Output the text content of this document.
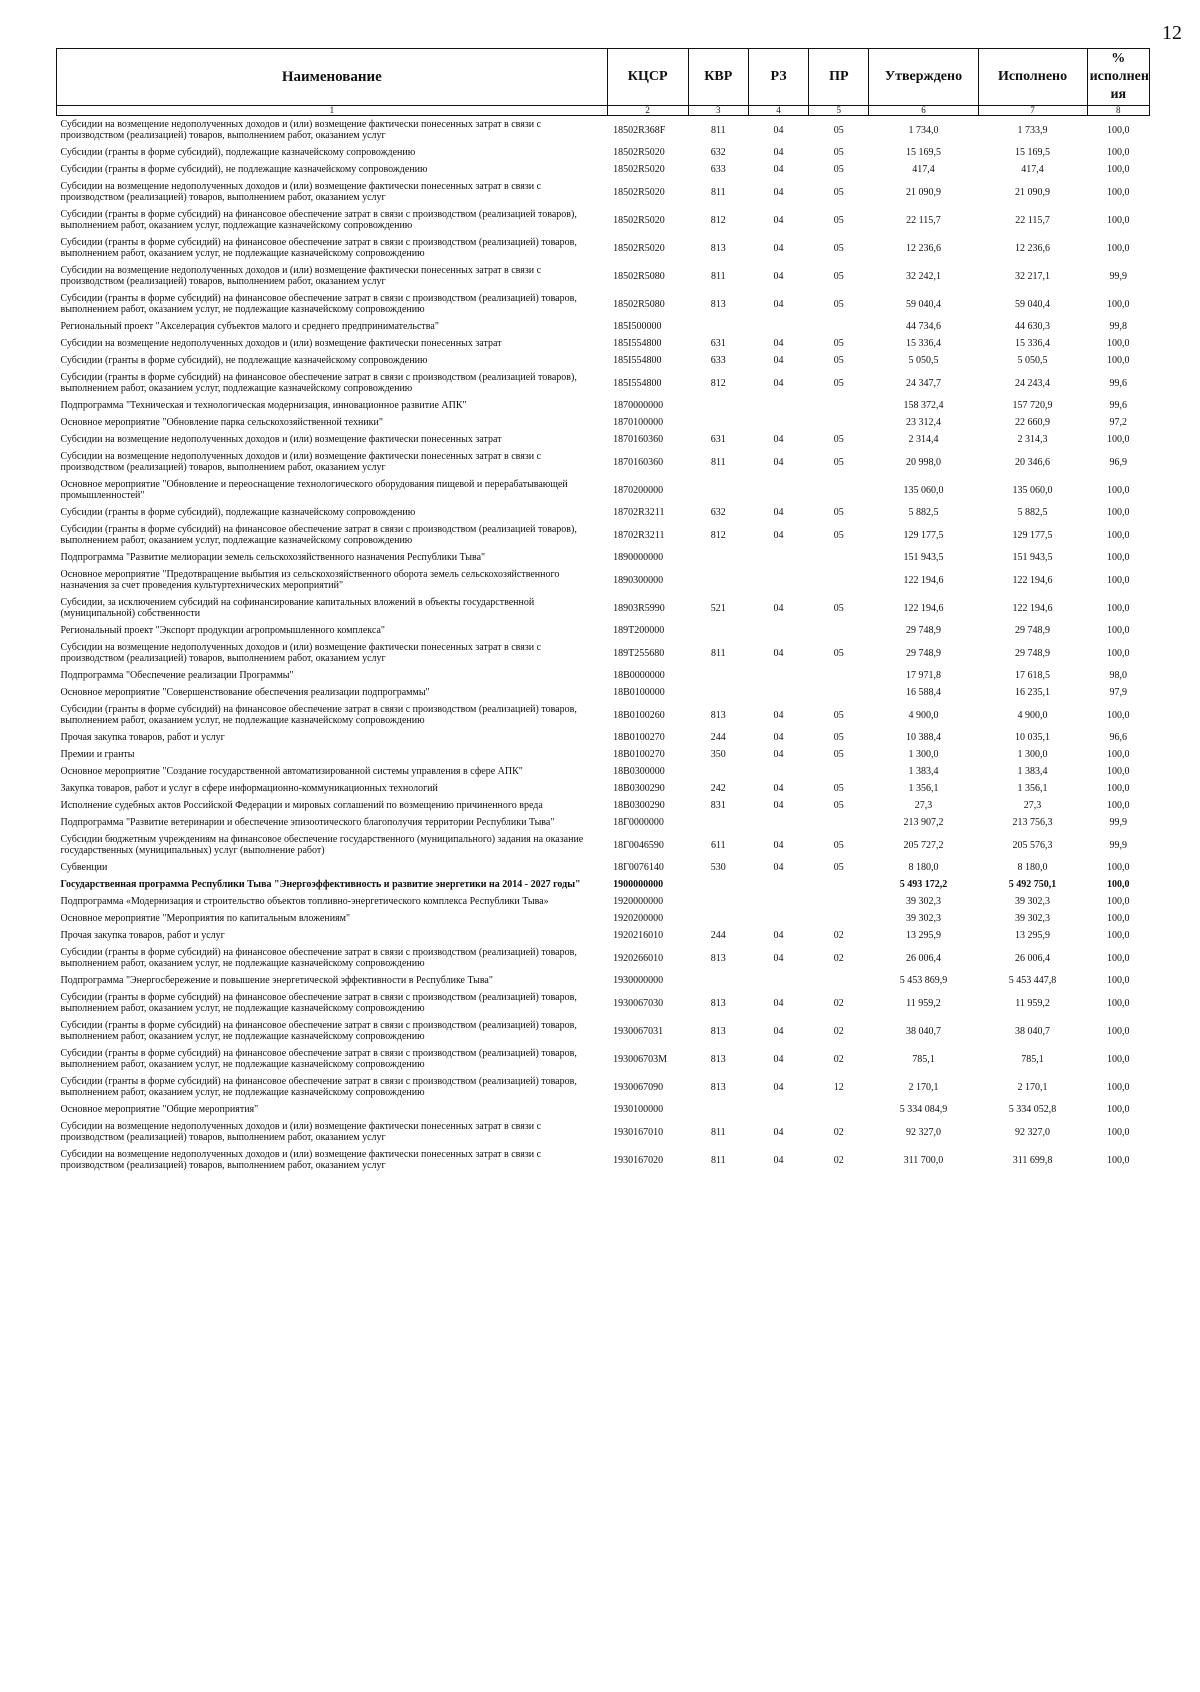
12
Наименование	КЦСР	КВР	РЗ	ПР	Утверждено	Исполнено	% исполнен ия
1	2	3	4	5	6	7	8
Субсидии на возмещение недополученных доходов и (или) возмещение фактически понесенных затрат в связи с производством (реализацией) товаров, выполнением работ, оказанием услуг	18502R368F	811	04	05	1 734,0	1 733,9	100,0
Субсидии (гранты в форме субсидий), подлежащие казначейскому сопровождению	18502R5020	632	04	05	15 169,5	15 169,5	100,0
Субсидии (гранты в форме субсидий), не подлежащие казначейскому сопровождению	18502R5020	633	04	05	417,4	417,4	100,0
Субсидии на возмещение недополученных доходов и (или) возмещение фактически понесенных затрат в связи с производством (реализацией) товаров, выполнением работ, оказанием услуг	18502R5020	811	04	05	21 090,9	21 090,9	100,0
Субсидии (гранты в форме субсидий) на финансовое обеспечение затрат в связи с производством (реализацией товаров), выполнением работ, оказанием услуг, подлежащие казначейскому сопровождению	18502R5020	812	04	05	22 115,7	22 115,7	100,0
Субсидии (гранты в форме субсидий) на финансовое обеспечение затрат в связи с производством (реализацией) товаров, выполнением работ, оказанием услуг, не подлежащие казначейскому сопровождению	18502R5020	813	04	05	12 236,6	12 236,6	100,0
Субсидии на возмещение недополученных доходов и (или) возмещение фактически понесенных затрат в связи с производством (реализацией) товаров, выполнением работ, оказанием услуг	18502R5080	811	04	05	32 242,1	32 217,1	99,9
Субсидии (гранты в форме субсидий) на финансовое обеспечение затрат в связи с производством (реализацией) товаров, выполнением работ, оказанием услуг, не подлежащие казначейскому сопровождению	18502R5080	813	04	05	59 040,4	59 040,4	100,0
Региональный проект "Акселерация субъектов малого и среднего предпринимательства"	185I500000				44 734,6	44 630,3	99,8
Субсидии на возмещение недополученных доходов и (или) возмещение фактически понесенных затрат	185I554800	631	04	05	15 336,4	15 336,4	100,0
Субсидии (гранты в форме субсидий), не подлежащие казначейскому сопровождению	185I554800	633	04	05	5 050,5	5 050,5	100,0
Субсидии (гранты в форме субсидий) на финансовое обеспечение затрат в связи с производством (реализацией товаров), выполнением работ, оказанием услуг, подлежащие казначейскому сопровождению	185I554800	812	04	05	24 347,7	24 243,4	99,6
Подпрограмма "Техническая и технологическая модернизация, инновационное развитие АПК"	1870000000				158 372,4	157 720,9	99,6
Основное мероприятие "Обновление парка сельскохозяйственной техники"	1870100000				23 312,4	22 660,9	97,2
Субсидии на возмещение недополученных доходов и (или) возмещение фактически понесенных затрат	1870160360	631	04	05	2 314,4	2 314,3	100,0
Субсидии на возмещение недополученных доходов и (или) возмещение фактически понесенных затрат в связи с производством (реализацией) товаров, выполнением работ, оказанием услуг	1870160360	811	04	05	20 998,0	20 346,6	96,9
Основное мероприятие "Обновление и переоснащение технологического оборудования пищевой и перерабатывающей промышленностей"	1870200000				135 060,0	135 060,0	100,0
Субсидии (гранты в форме субсидий), подлежащие казначейскому сопровождению	18702R3211	632	04	05	5 882,5	5 882,5	100,0
Субсидии (гранты в форме субсидий) на финансовое обеспечение затрат в связи с производством (реализацией товаров), выполнением работ, оказанием услуг, подлежащие казначейскому сопровождению	18702R3211	812	04	05	129 177,5	129 177,5	100,0
Подпрограмма "Развитие мелиорации земель сельскохозяйственного назначения Республики Тыва"	1890000000				151 943,5	151 943,5	100,0
Основное мероприятие "Предотвращение выбытия из сельскохозяйственного оборота земель сельскохозяйственного назначения за счет проведения культуртехнических мероприятий"	1890300000				122 194,6	122 194,6	100,0
Субсидии, за исключением субсидий на софинансирование капитальных вложений в объекты государственной (муниципальной) собственности	18903R5990	521	04	05	122 194,6	122 194,6	100,0
Региональный проект "Экспорт продукции агропромышленного комплекса"	189T200000				29 748,9	29 748,9	100,0
Субсидии на возмещение недополученных доходов и (или) возмещение фактически понесенных затрат в связи с производством (реализацией) товаров, выполнением работ, оказанием услуг	189T255680	811	04	05	29 748,9	29 748,9	100,0
Подпрограмма "Обеспечение реализации Программы"	18B0000000				17 971,8	17 618,5	98,0
Основное мероприятие "Совершенствование обеспечения реализации подпрограммы"	18B0100000				16 588,4	16 235,1	97,9
Субсидии (гранты в форме субсидий) на финансовое обеспечение затрат в связи с производством (реализацией) товаров, выполнением работ, оказанием услуг, не подлежащие казначейскому сопровождению	18B0100260	813	04	05	4 900,0	4 900,0	100,0
Прочая закупка товаров, работ и услуг	18B0100270	244	04	05	10 388,4	10 035,1	96,6
Премии и гранты	18B0100270	350	04	05	1 300,0	1 300,0	100,0
Основное мероприятие "Создание государственной автоматизированной системы управления в сфере АПК"	18B0300000				1 383,4	1 383,4	100,0
Закупка товаров, работ и услуг в сфере информационно-коммуникационных технологий	18B0300290	242	04	05	1 356,1	1 356,1	100,0
Исполнение судебных актов Российской Федерации и мировых соглашений по возмещению причиненного вреда	18B0300290	831	04	05	27,3	27,3	100,0
Подпрограмма "Развитие ветеринарии и обеспечение эпизоотического благополучия территории Республики Тыва"	18Г0000000				213 907,2	213 756,3	99,9
Субсидии бюджетным учреждениям на финансовое обеспечение государственного (муниципального) задания на оказание государственных (муниципальных) услуг (выполнение работ)	18Г0046590	611	04	05	205 727,2	205 576,3	99,9
Субвенции	18Г0076140	530	04	05	8 180,0	8 180,0	100,0
Государственная программа Республики Тыва "Энергоэффективность и развитие энергетики на 2014 - 2027 годы"	1900000000				5 493 172,2	5 492 750,1	100,0
Подпрограмма «Модернизация и строительство объектов топливно-энергетического комплекса Республики Тыва»	1920000000				39 302,3	39 302,3	100,0
Основное мероприятие "Мероприятия по капитальным вложениям"	1920200000				39 302,3	39 302,3	100,0
Прочая закупка товаров, работ и услуг	1920216010	244	04	02	13 295,9	13 295,9	100,0
Субсидии (гранты в форме субсидий) на финансовое обеспечение затрат в связи с производством (реализацией) товаров, выполнением работ, оказанием услуг, не подлежащие казначейскому сопровождению	1920266010	813	04	02	26 006,4	26 006,4	100,0
Подпрограмма "Энергосбережение и повышение энергетической эффективности в Республике Тыва"	1930000000				5 453 869,9	5 453 447,8	100,0
Субсидии (гранты в форме субсидий) на финансовое обеспечение затрат в связи с производством (реализацией) товаров, выполнением работ, оказанием услуг, не подлежащие казначейскому сопровождению	1930067030	813	04	02	11 959,2	11 959,2	100,0
Субсидии (гранты в форме субсидий) на финансовое обеспечение затрат в связи с производством (реализацией) товаров, выполнением работ, оказанием услуг, не подлежащие казначейскому сопровождению	1930067031	813	04	02	38 040,7	38 040,7	100,0
Субсидии (гранты в форме субсидий) на финансовое обеспечение затрат в связи с производством (реализацией) товаров, выполнением работ, оказанием услуг, не подлежащие казначейскому сопровождению	193006703M	813	04	02	785,1	785,1	100,0
Субсидии (гранты в форме субсидий) на финансовое обеспечение затрат в связи с производством (реализацией) товаров, выполнением работ, оказанием услуг, не подлежащие казначейскому сопровождению	1930067090	813	04	12	2 170,1	2 170,1	100,0
Основное мероприятие "Общие мероприятия"	1930100000				5 334 084,9	5 334 052,8	100,0
Субсидии на возмещение недополученных доходов и (или) возмещение фактически понесенных затрат в связи с производством (реализацией) товаров, выполнением работ, оказанием услуг	1930167010	811	04	02	92 327,0	92 327,0	100,0
Субсидии на возмещение недополученных доходов и (или) возмещение фактически понесенных затрат в связи с производством (реализацией) товаров, выполнением работ, оказанием услуг	1930167020	811	04	02	311 700,0	311 699,8	100,0
